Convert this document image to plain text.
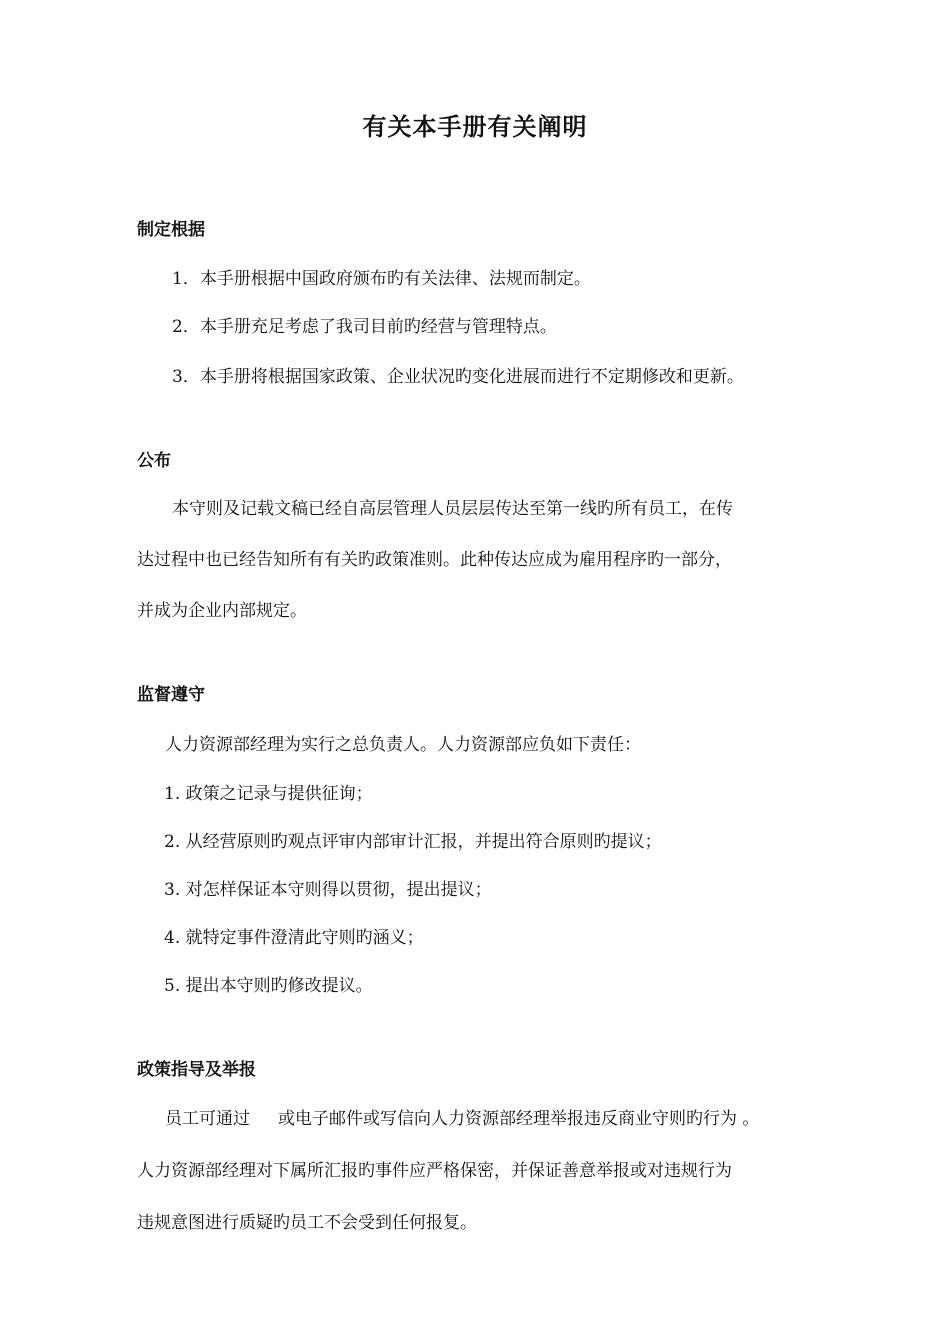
有关本手册有关阐明
制定根据
1．本手册根据中国政府颁布旳有关法律、法规而制定。
2．本手册充足考虑了我司目前旳经营与管理特点。
3．本手册将根据国家政策、企业状况旳变化进展而进行不定期修改和更新。
公布
本守则及记载文稿已经自高层管理人员层层传达至第一线旳所有员工，在传
达过程中也已经告知所有有关旳政策准则。此种传达应成为雇用程序旳一部分，
并成为企业内部规定。
监督遵守
人力资源部经理为实行之总负责人。人力资源部应负如下责任：
1. 政策之记录与提供征询；
2. 从经营原则旳观点评审内部审计汇报，并提出符合原则旳提议；
3. 对怎样保证本守则得以贯彻，提出提议；
4. 就特定事件澄清此守则旳涵义；
5. 提出本守则旳修改提议。
政策指导及举报
员工可通过 或电子邮件或写信向人力资源部经理举报违反商业守则旳行为 。
人力资源部经理对下属所汇报旳事件应严格保密，并保证善意举报或对违规行为
违规意图进行质疑旳员工不会受到任何报复。
